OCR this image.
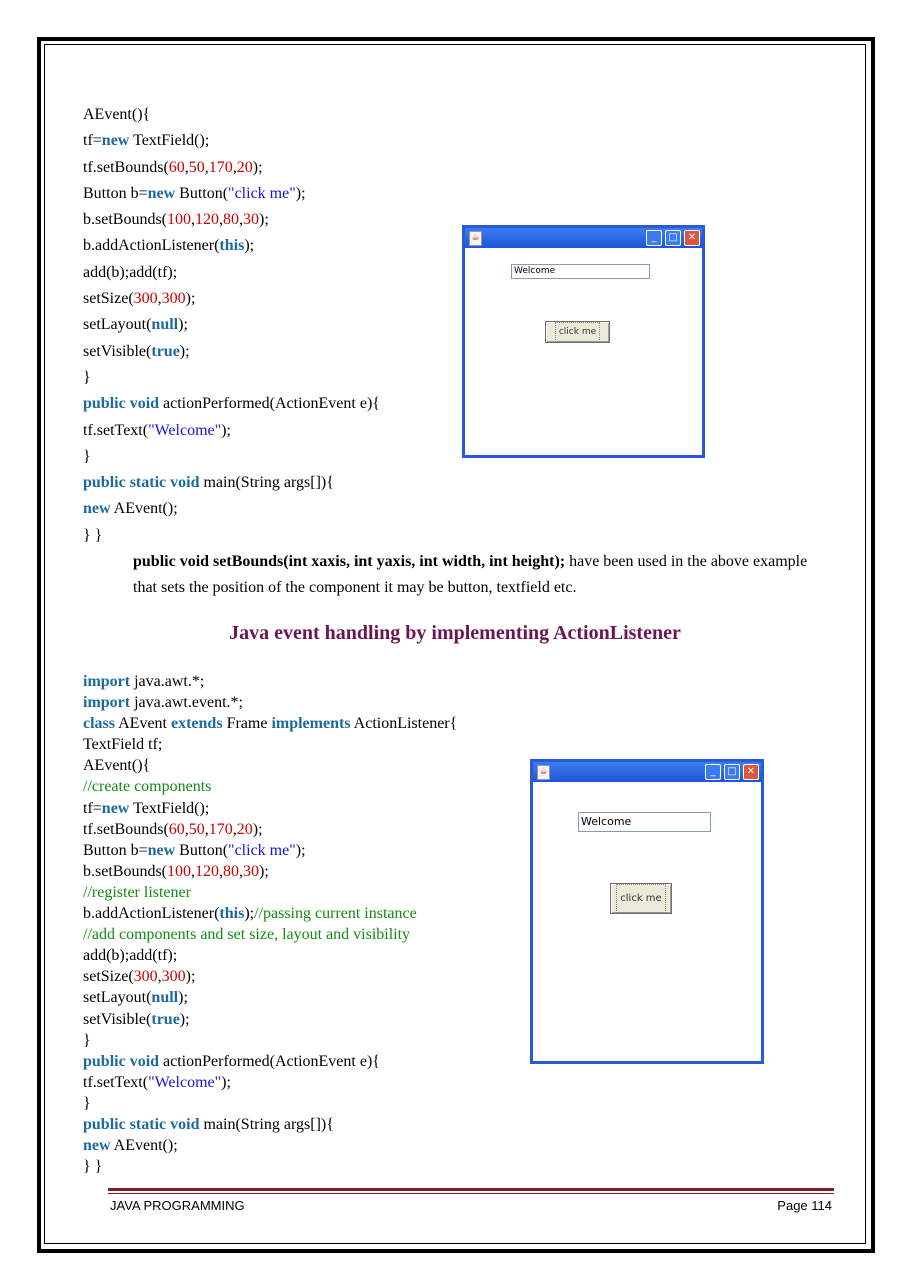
AEvent(){
tf=new TextField();
tf.setBounds(60,50,170,20);
Button b=new Button("click me");
b.setBounds(100,120,80,30);
b.addActionListener(this);
add(b);add(tf);
setSize(300,300);
setLayout(null);
setVisible(true);
}
public void actionPerformed(ActionEvent e){
tf.setText("Welcome");
}
public static void main(String args[]){
new AEvent();
} }
☕	_	□	✕
Welcome
click me
public void setBounds(int xaxis, int yaxis, int width, int height); have been used in the above example that sets the position of the component it may be button, textfield etc.
Java event handling by implementing ActionListener
import java.awt.*;
import java.awt.event.*;
class AEvent extends Frame implements ActionListener{
TextField tf;
AEvent(){
//create components
tf=new TextField();
tf.setBounds(60,50,170,20);
Button b=new Button("click me");
b.setBounds(100,120,80,30);
//register listener
b.addActionListener(this);//passing current instance
//add components and set size, layout and visibility
add(b);add(tf);
setSize(300,300);
setLayout(null);
setVisible(true);
}
public void actionPerformed(ActionEvent e){
tf.setText("Welcome");
}
public static void main(String args[]){
new AEvent();
} }
☕	_	□	✕
Welcome
click me
JAVA PROGRAMMING	Page 114
